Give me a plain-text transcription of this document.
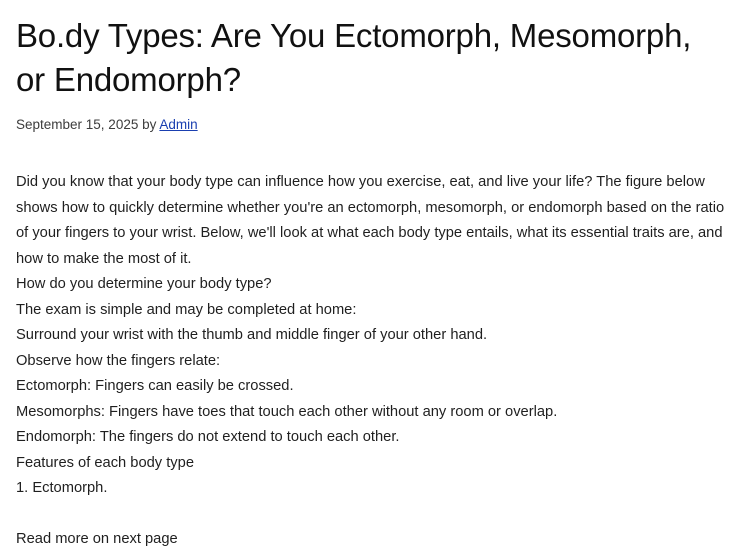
Bo.dy Types: Are You Ectomorph, Mesomorph, or Endomorph?
September 15, 2025 by Admin

Did you know that your body type can influence how you exercise, eat, and live your life? The figure below shows how to quickly determine whether you're an ectomorph, mesomorph, or endomorph based on the ratio of your fingers to your wrist. Below, we'll look at what each body type entails, what its essential traits are, and how to make the most of it.

How do you determine your body type?

The exam is simple and may be completed at home:

Surround your wrist with the thumb and middle finger of your other hand.

Observe how the fingers relate:

Ectomorph: Fingers can easily be crossed.

Mesomorphs: Fingers have toes that touch each other without any room or overlap.

Endomorph: The fingers do not extend to touch each other.

Features of each body type

1. Ectomorph.

Read more on next page
